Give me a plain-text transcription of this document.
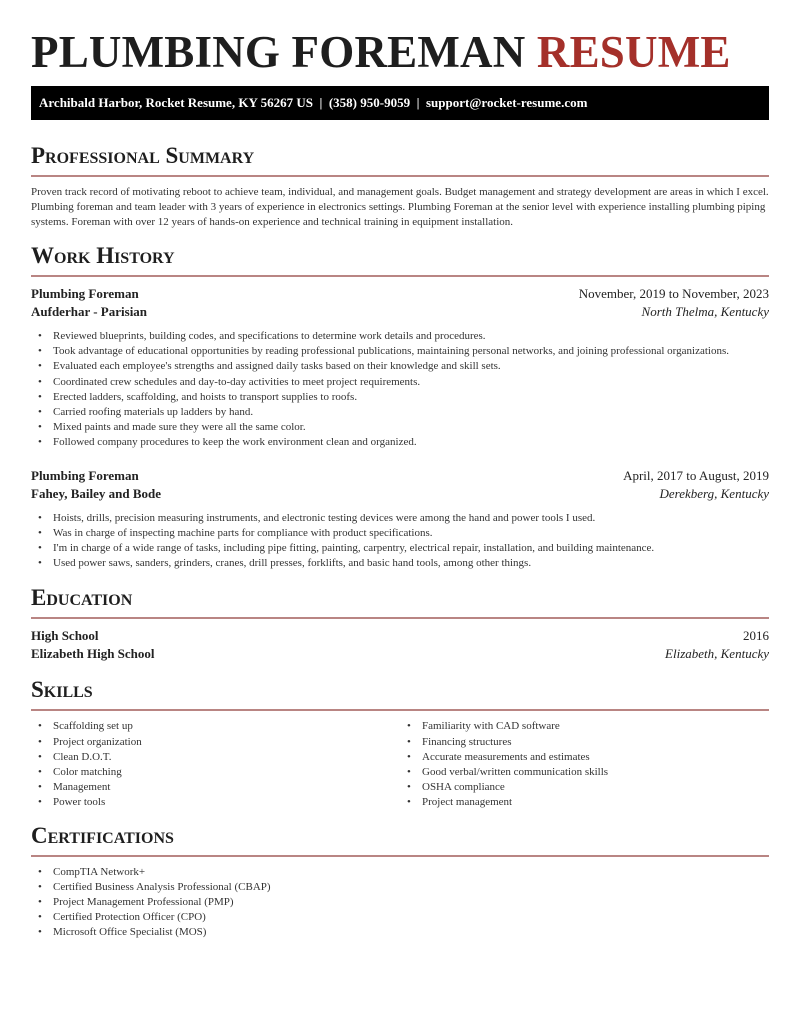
PLUMBING FOREMAN RESUME
Archibald Harbor, Rocket Resume, KY 56267 US | (358) 950-9059 | support@rocket-resume.com
Professional Summary

Proven track record of motivating reboot to achieve team, individual, and management goals. Budget management and strategy development are areas in which I excel. Plumbing foreman and team leader with 3 years of experience in electronics settings. Plumbing Foreman at the senior level with experience installing plumbing piping systems. Foreman with over 12 years of hands-on experience and technical training in equipment installation.

Work History
Plumbing Foreman	November, 2019 to November, 2023
Aufderhar - Parisian	North Thelma, Kentucky
• Reviewed blueprints, building codes, and specifications to determine work details and procedures.
• Took advantage of educational opportunities by reading professional publications, maintaining personal networks, and joining professional organizations.
• Evaluated each employee's strengths and assigned daily tasks based on their knowledge and skill sets.
• Coordinated crew schedules and day-to-day activities to meet project requirements.
• Erected ladders, scaffolding, and hoists to transport supplies to roofs.
• Carried roofing materials up ladders by hand.
• Mixed paints and made sure they were all the same color.
• Followed company procedures to keep the work environment clean and organized.
Plumbing Foreman	April, 2017 to August, 2019
Fahey, Bailey and Bode	Derekberg, Kentucky
• Hoists, drills, precision measuring instruments, and electronic testing devices were among the hand and power tools I used.
• Was in charge of inspecting machine parts for compliance with product specifications.
• I'm in charge of a wide range of tasks, including pipe fitting, painting, carpentry, electrical repair, installation, and building maintenance.
• Used power saws, sanders, grinders, cranes, drill presses, forklifts, and basic hand tools, among other things.
Education
High School	2016
Elizabeth High School	Elizabeth, Kentucky
Skills
• Scaffolding set up
• Project organization
• Clean D.O.T.
• Color matching
• Management
• Power tools
• Familiarity with CAD software
• Financing structures
• Accurate measurements and estimates
• Good verbal/written communication skills
• OSHA compliance
• Project management
Certifications
• CompTIA Network+
• Certified Business Analysis Professional (CBAP)
• Project Management Professional (PMP)
• Certified Protection Officer (CPO)
• Microsoft Office Specialist (MOS)
